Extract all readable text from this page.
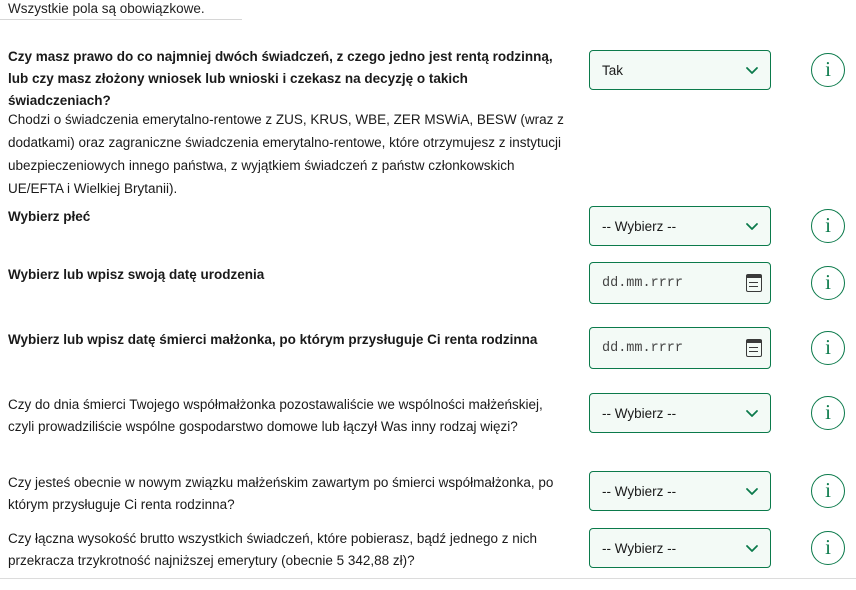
Wszystkie pola są obowiązkowe.
Czy masz prawo do co najmniej dwóch świadczeń, z czego jedno jest rentą rodzinną, lub czy masz złożony wniosek lub wnioski i czekasz na decyzję o takich świadczeniach?
Chodzi o świadczenia emerytalno-rentowe z ZUS, KRUS, WBE, ZER MSWiA, BESW (wraz z dodatkami) oraz zagraniczne świadczenia emerytalno-rentowe, które otrzymujesz z instytucji ubezpieczeniowych innego państwa, z wyjątkiem świadczeń z państw członkowskich UE/EFTA i Wielkiej Brytanii).
Tak	i
Wybierz płeć
-- Wybierz --	i
Wybierz lub wpisz swoją datę urodzenia
dd.mm.rrrr	i
Wybierz lub wpisz datę śmierci małżonka, po którym przysługuje Ci renta rodzinna
dd.mm.rrrr	i
Czy do dnia śmierci Twojego współmałżonka pozostawaliście we wspólności małżeńskiej, czyli prowadziliście wspólne gospodarstwo domowe lub łączył Was inny rodzaj więzi?
-- Wybierz --	i
Czy jesteś obecnie w nowym związku małżeńskim zawartym po śmierci współmałżonka, po którym przysługuje Ci renta rodzinna?
-- Wybierz --	i
Czy łączna wysokość brutto wszystkich świadczeń, które pobierasz, bądź jednego z nich przekracza trzykrotność najniższej emerytury (obecnie 5 342,88 zł)?
-- Wybierz --	i
